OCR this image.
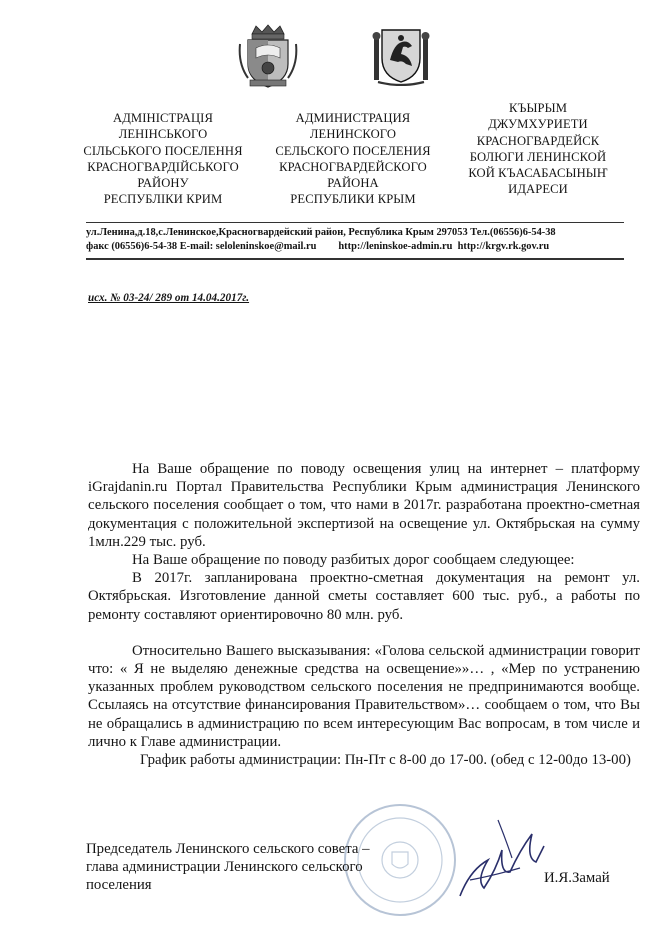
АДМІНІСТРАЦІЯ
ЛЕНІНСЬКОГО
СІЛЬСЬКОГО ПОСЕЛЕННЯ
КРАСНОГВАРДІЙСЬКОГО
РАЙОНУ
РЕСПУБЛІКИ КРИМ
АДМИНИСТРАЦИЯ
ЛЕНИНСКОГО
СЕЛЬСКОГО ПОСЕЛЕНИЯ
КРАСНОГВАРДЕЙСКОГО
РАЙОНА
РЕСПУБЛИКИ КРЫМ
КЪЫРЫМ
ДЖУМХУРИЕТИ
КРАСНОГВАРДЕЙСК
БОЛЮГИ ЛЕНИНСКОЙ
КОЙ КЪАСАБАСЫНЫҤ
ИДАРЕСИ
ул.Ленина,д.18,с.Ленинское,Красногвардейский район, Республика Крым 297053 Тел.(06556)6-54-38
факс (06556)6-54-38 E-mail: seloleninskoe@mail.ru http://leninskoe-admin.ru http://krgv.rk.gov.ru
исх. № 03-24/ 289 от 14.04.2017г.

На Ваше обращение по поводу освещения улиц на интернет – платформу iGrajdanin.ru Портал Правительства Республики Крым администрация Ленинского сельского поселения сообщает о том, что нами в 2017г. разработана проектно-сметная документация с положительной экспертизой на освещение ул. Октябрьская на сумму 1млн.229 тыс. руб.

На Ваше обращение по поводу разбитых дорог сообщаем следующее:

В 2017г. запланирована проектно-сметная документация на ремонт ул. Октябрьская. Изготовление данной сметы составляет 600 тыс. руб., а работы по ремонту составляют ориентировочно 80 млн. руб.

Относительно Вашего высказывания: «Голова сельской администрации говорит что: « Я не выделяю денежные средства на освещение»»… , «Мер по устранению указанных проблем руководством сельского поселения не предпринимаются вообще. Ссылаясь на отсутствие финансирования Правительством»… сообщаем о том, что Вы не обращались в администрацию по всем интересующим Вас вопросам, в том числе и лично к Главе администрации.

График работы администрации: Пн-Пт с 8-00 до 17-00. (обед с 12-00до 13-00)

Председатель Ленинского сельского совета –
глава администрации Ленинского сельского
поселения	И.Я.Замай
